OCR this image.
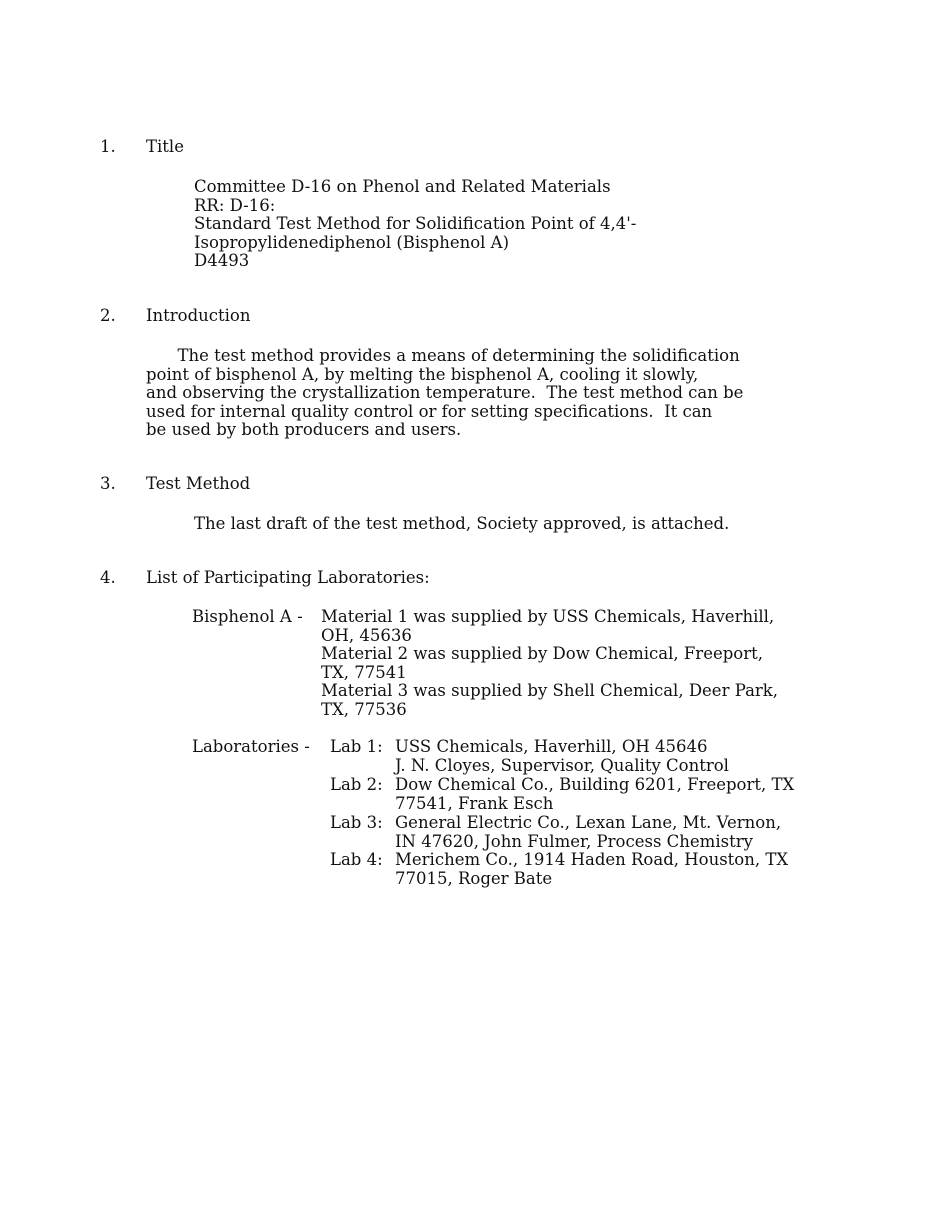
1. Title
Committee D-16 on Phenol and Related Materials
RR: D-16:
Standard Test Method for Solidification Point of 4,4'-
Isopropylidenediphenol (Bisphenol A)
D4493
2. Introduction
The test method provides a means of determining the solidification
point of bisphenol A, by melting the bisphenol A, cooling it slowly,
and observing the crystallization temperature.  The test method can be
used for internal quality control or for setting specifications.  It can
be used by both producers and users.
3. Test Method
The last draft of the test method, Society approved, is attached.
4. List of Participating Laboratories:
Bisphenol A - Material 1 was supplied by USS Chemicals, Haverhill,
OH, 45636
Material 2 was supplied by Dow Chemical, Freeport,
TX, 77541
Material 3 was supplied by Shell Chemical, Deer Park,
TX, 77536
Laboratories - Lab 1: USS Chemicals, Haverhill, OH 45646
J. N. Cloyes, Supervisor, Quality Control
Lab 2: Dow Chemical Co., Building 6201, Freeport, TX
77541, Frank Esch
Lab 3: General Electric Co., Lexan Lane, Mt. Vernon,
IN 47620, John Fulmer, Process Chemistry
Lab 4: Merichem Co., 1914 Haden Road, Houston, TX
77015, Roger Bate
